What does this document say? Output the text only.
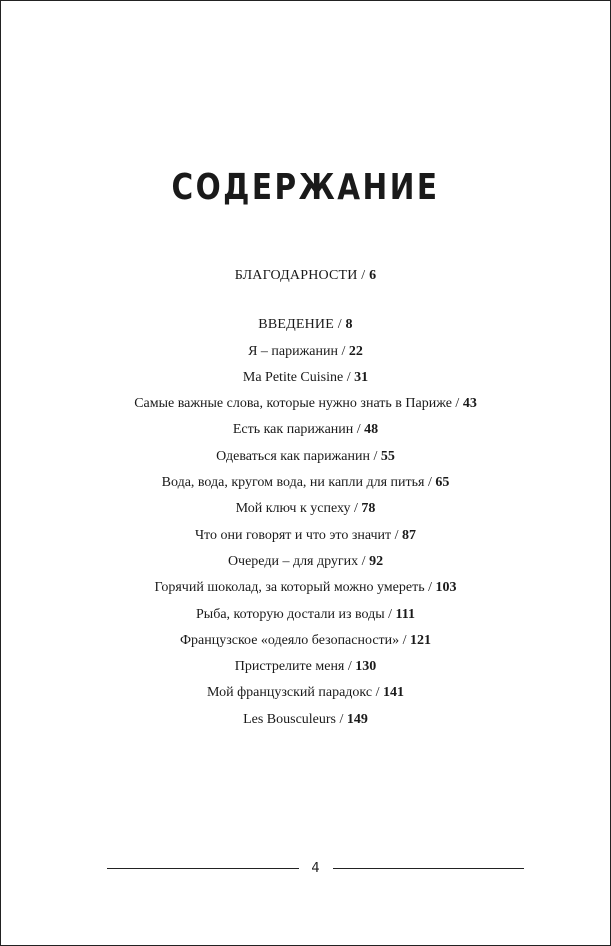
СОДЕРЖАНИЕ
БЛАГОДАРНОСТИ / 6
ВВЕДЕНИЕ / 8
Я – парижанин / 22
Ma Petite Cuisine / 31
Самые важные слова, которые нужно знать в Париже / 43
Есть как парижанин / 48
Одеваться как парижанин / 55
Вода, вода, кругом вода, ни капли для питья / 65
Мой ключ к успеху / 78
Что они говорят и что это значит / 87
Очереди – для других / 92
Горячий шоколад, за который можно умереть / 103
Рыба, которую достали из воды / 111
Французское «одеяло безопасности» / 121
Пристрелите меня / 130
Мой французский парадокс / 141
Les Bousculeurs / 149
4
